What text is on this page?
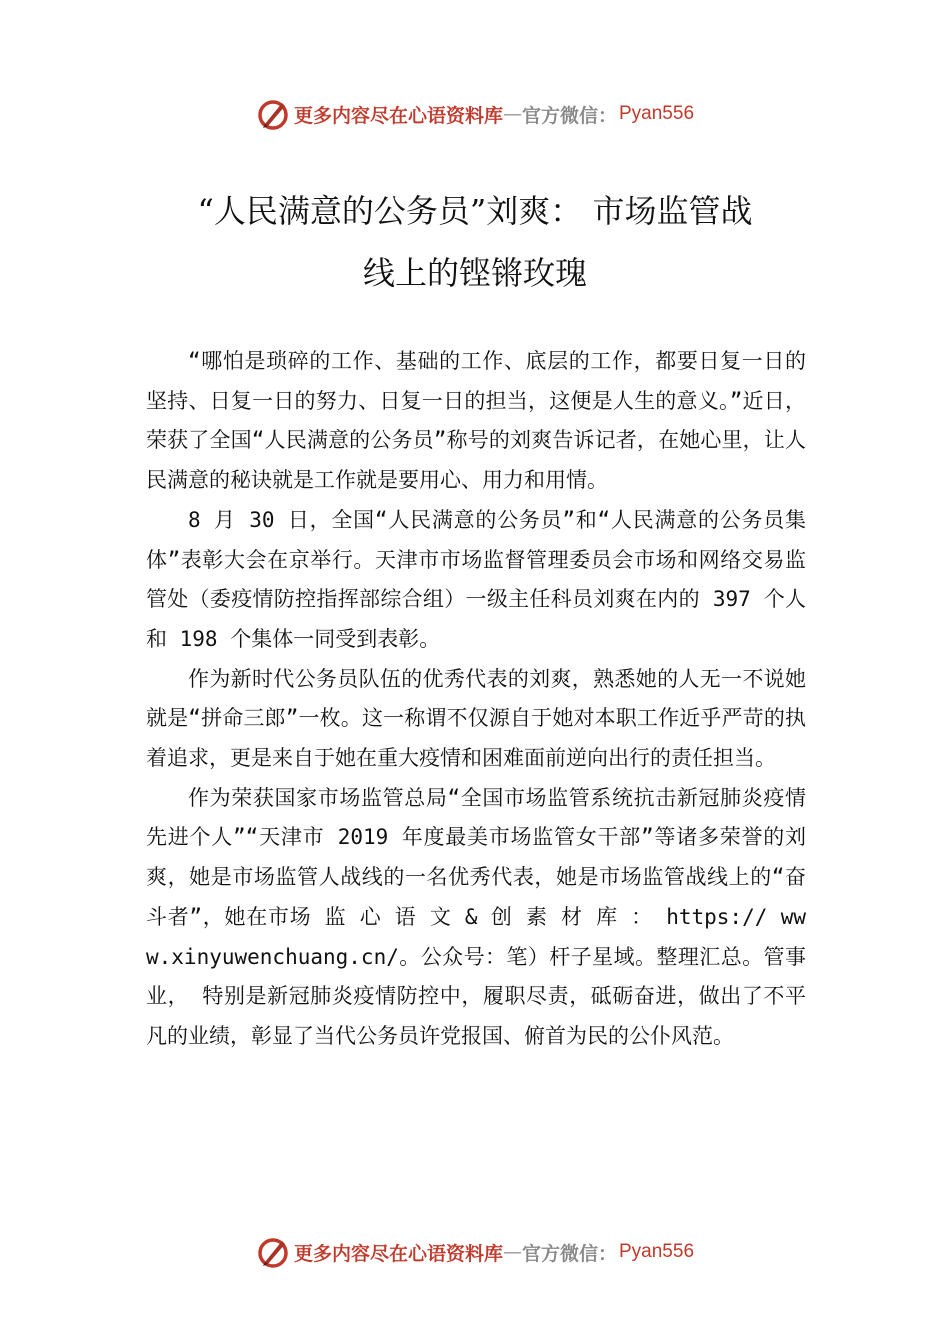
更多内容尽在心语资料库 — 官方微信： Pyan556
“人民满意的公务员”刘爽： 市场监管战
线上的铿锵玫瑰

“哪怕是琐碎的工作、基础的工作、底层的工作，都要日复一日的坚持、日复一日的努力、日复一日的担当，这便是人生的意义。”近日，荣获了全国“人民满意的公务员”称号的刘爽告诉记者，在她心里，让人民满意的秘诀就是工作就是要用心、用力和用情。

8 月 30 日，全国“人民满意的公务员”和“人民满意的公务员集体”表彰大会在京举行。天津市市场监督管理委员会市场和网络交易监管处（委疫情防控指挥部综合组）一级主任科员刘爽在内的 397 个人和 198 个集体一同受到表彰。

作为新时代公务员队伍的优秀代表的刘爽，熟悉她的人无一不说她就是“拼命三郎”一枚。这一称谓不仅源自于她对本职工作近乎严苛的执着追求，更是来自于她在重大疫情和困难面前逆向出行的责任担当。

作为荣获国家市场监管总局“全国市场监管系统抗击新冠肺炎疫情先进个人”“天津市 2019 年度最美市场监管女干部”等诸多荣誉的刘爽，她是市场监管人战线的一名优秀代表，她是市场监管战线上的“奋斗者”，她在市场 监 心 语 文 & 创 素 材 库 ： https:// www.xinyuwenchuang.cn/。公众号：笔）杆子星域。整理汇总。管事业， 特别是新冠肺炎疫情防控中，履职尽责，砥砺奋进，做出了不平凡的业绩，彰显了当代公务员许党报国、俯首为民的公仆风范。

更多内容尽在心语资料库 — 官方微信： Pyan556
